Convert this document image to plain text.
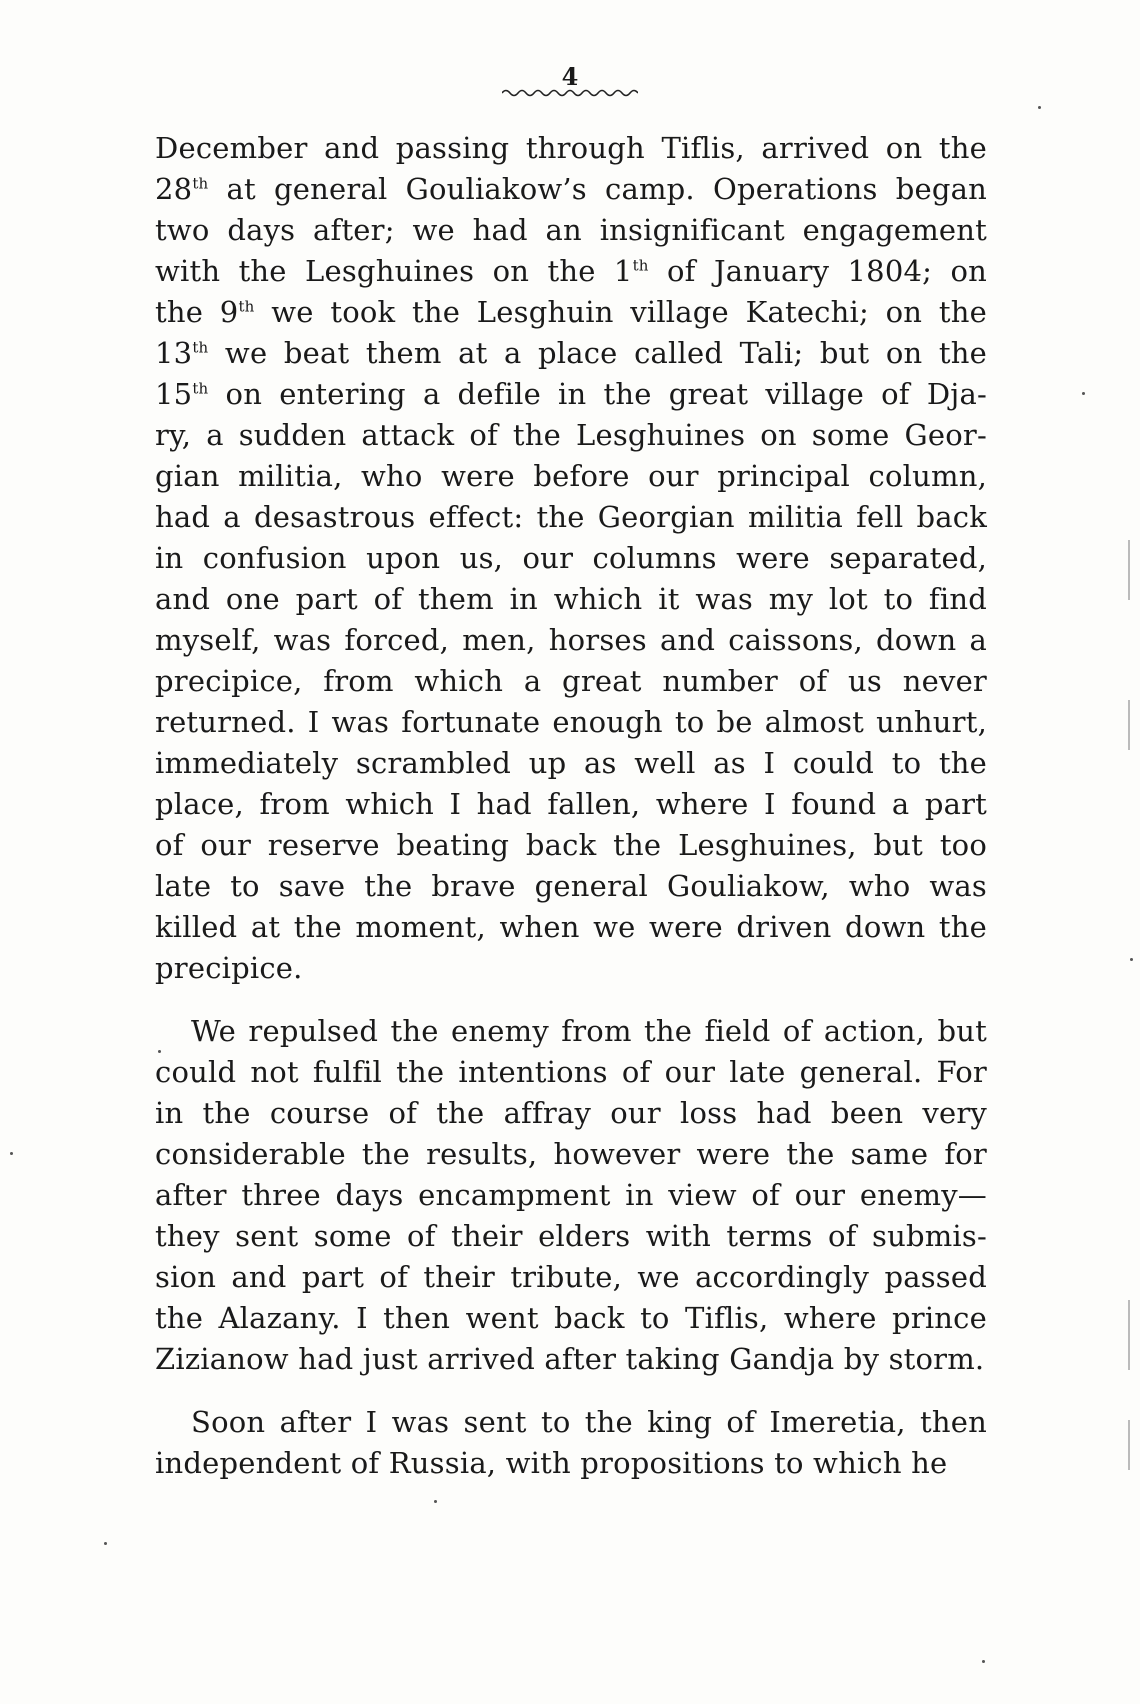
4
December and passing through Tiflis, arrived on the
28th at general Gouliakow’s camp. Operations began
two days after; we had an insignificant engagement
with the Lesghuines on the 1th of January 1804; on
the 9th we took the Lesghuin village Katechi; on the
13th we beat them at a place called Tali; but on the
15th on entering a defile in the great village of Dja-
ry, a sudden attack of the Lesghuines on some Geor-
gian militia, who were before our principal column,
had a desastrous effect: the Georgian militia fell back
in confusion upon us, our columns were separated,
and one part of them in which it was my lot to find
myself, was forced, men, horses and caissons, down a
precipice, from which a great number of us never
returned. I was fortunate enough to be almost unhurt,
immediately scrambled up as well as I could to the
place, from which I had fallen, where I found a part
of our reserve beating back the Lesghuines, but too
late to save the brave general Gouliakow, who was
killed at the moment, when we were driven down the
precipice.
We repulsed the enemy from the field of action, but
could not fulfil the intentions of our late general. For
in the course of the affray our loss had been very
considerable the results, however were the same for
after three days encampment in view of our enemy—
they sent some of their elders with terms of submis-
sion and part of their tribute, we accordingly passed
the Alazany. I then went back to Tiflis, where prince
Zizianow had just arrived after taking Gandja by storm.
Soon after I was sent to the king of Imeretia, then
independent of Russia, with propositions to which he
